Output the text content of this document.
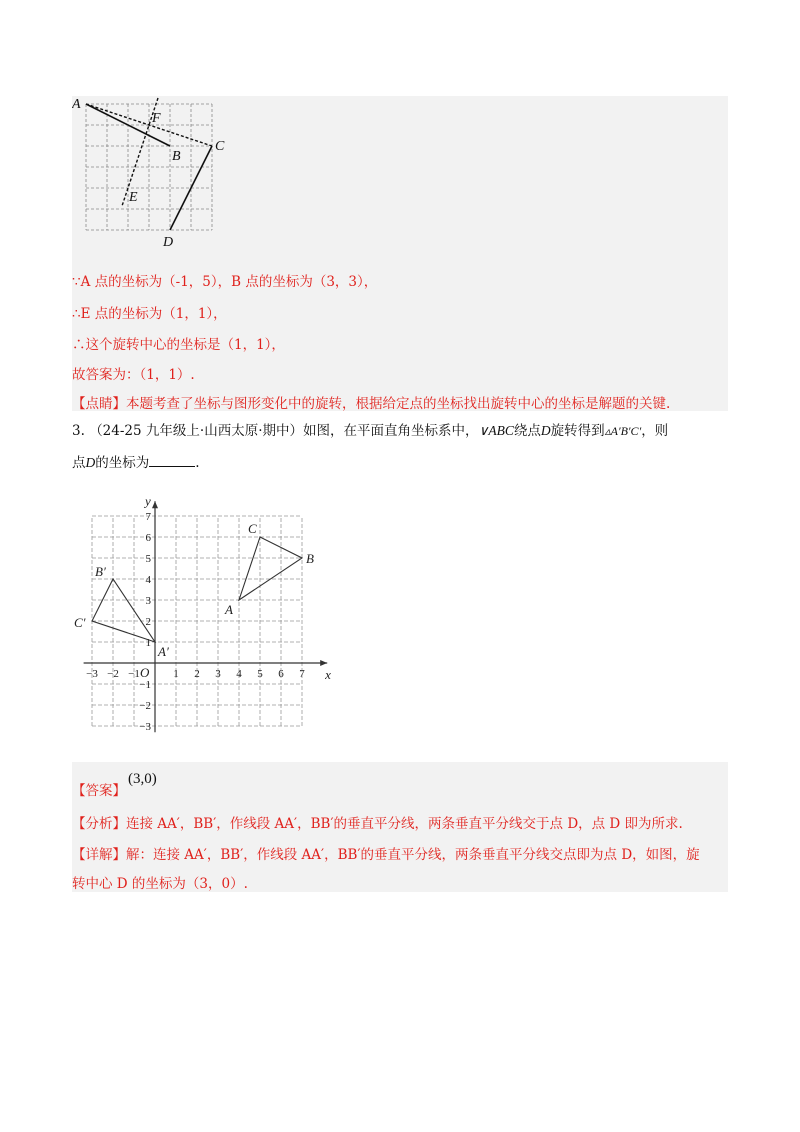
A
F
B
C
E
D
∵A 点的坐标为（-1，5），B 点的坐标为（3，3），
∴E 点的坐标为（1，1），
∴这个旋转中心的坐标是（1，1），
故答案为：（1，1）.
【点睛】本题考查了坐标与图形变化中的旋转，根据给定点的坐标找出旋转中心的坐标是解题的关键.
3. （24-25 九年级上·山西太原·期中）如图，在平面直角坐标系中，∨ABC绕点D旋转得到▵A′B′C′，则
点D的坐标为	.
−3 −2 −1	1 2 3 4 5 6 7
7
6
5
4
3
2
1
−1
−2
−3
x
y
O
A
B
C
A′
B′
C′
【答案】(3,0)
【分析】连接 AA′，BB′，作线段 AA′，BB′的垂直平分线，两条垂直平分线交于点 D，点 D 即为所求.
【详解】解：连接 AA′，BB′，作线段 AA′，BB′的垂直平分线，两条垂直平分线交点即为点 D，如图，旋
转中心 D 的坐标为（3，0）.
